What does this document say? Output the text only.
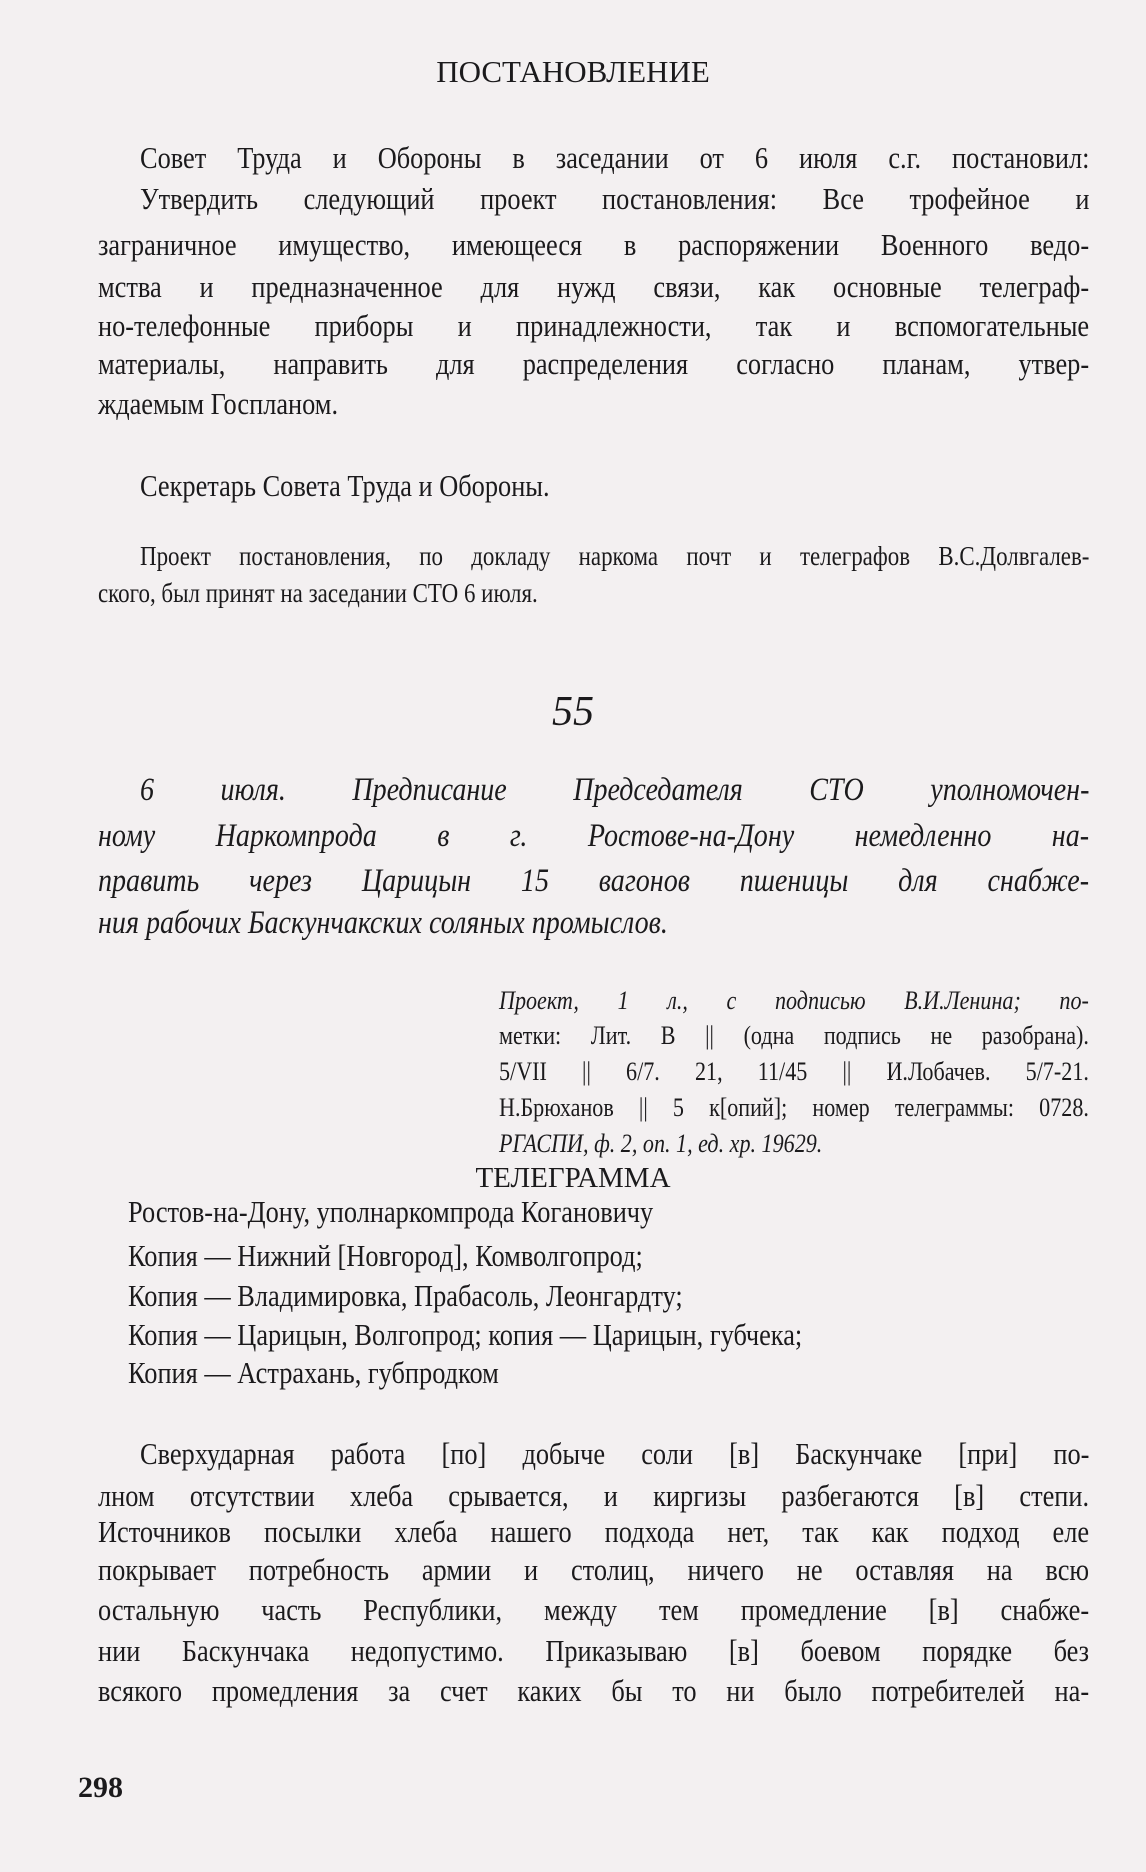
ПОСТАНОВЛЕНИЕ
Совет Труда и Обороны в заседании от 6 июля с.г. постановил:
Утвердить следующий проект постановления: Все трофейное и
заграничное имущество, имеющееся в распоряжении Военного ведо-
мства и предназначенное для нужд связи, как основные телеграф-
но-телефонные приборы и принадлежности, так и вспомогательные
материалы, направить для распределения согласно планам, утвер-
ждаемым Госпланом.
Секретарь Совета Труда и Обороны.
Проект постановления, по докладу наркома почт и телеграфов В.С.Долвгалев-
ского, был принят на заседании СТО 6 июля.
55
6 июля. Предписание Председателя СТО уполномочен-
ному Наркомпрода в г. Ростове-на-Дону немедленно на-
править через Царицын 15 вагонов пшеницы для снабже-
ния рабочих Баскунчакских соляных промыслов.
Проект, 1 л., с подписью В.И.Ленина; по-
метки: Лит. В || (одна подпись не разобрана).
5/VII || 6/7. 21, 11/45 || И.Лобачев. 5/7-21.
Н.Брюханов || 5 к[опий]; номер телеграммы: 0728.
РГАСПИ, ф. 2, оп. 1, ед. хр. 19629.
ТЕЛЕГРАММА
Ростов-на-Дону, уполнаркомпрода Когановичу
Копия — Нижний [Новгород], Комволгопрод;
Копия — Владимировка, Прабасоль, Леонгардту;
Копия — Царицын, Волгопрод; копия — Царицын, губчека;
Копия — Астрахань, губпродком
Сверхударная работа [по] добыче соли [в] Баскунчаке [при] по-
лном отсутствии хлеба срывается, и киргизы разбегаются [в] степи.
Источников посылки хлеба нашего подхода нет, так как подход еле
покрывает потребность армии и столиц, ничего не оставляя на всю
остальную часть Республики, между тем промедление [в] снабже-
нии Баскунчака недопустимо. Приказываю [в] боевом порядке без
всякого промедления за счет каких бы то ни было потребителей на-
298
